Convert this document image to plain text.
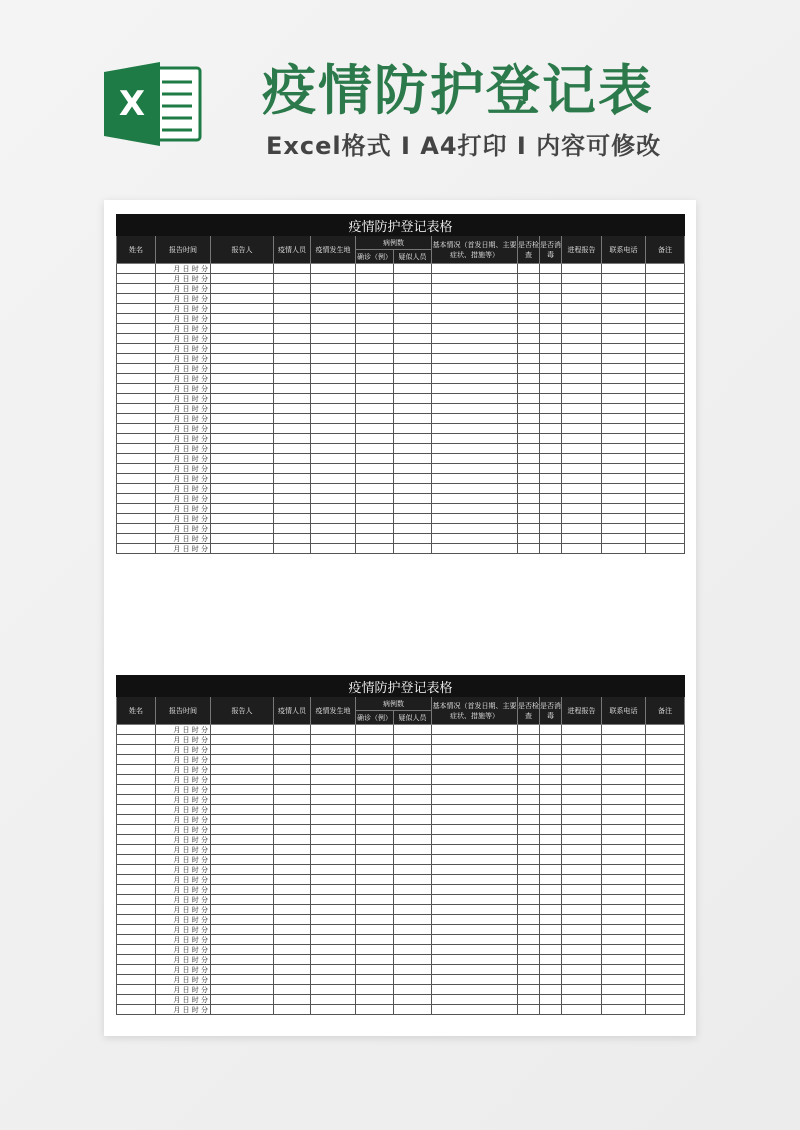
X 疫情防护登记表
Excel格式 I A4打印 I 内容可修改
疫情防护登记表格												
姓名	报告时间	报告人	疫情人员	疫情发生地	病例数		基本情况（首发日期、主要症状、措施等）	是否检查	是否消毒	进程报告	联系电话	备注
					确诊（例）	疑似人员						
	月 日 时 分											
	月 日 时 分											
	月 日 时 分											
	月 日 时 分											
	月 日 时 分											
	月 日 时 分											
	月 日 时 分											
	月 日 时 分											
	月 日 时 分											
	月 日 时 分											
	月 日 时 分											
	月 日 时 分											
	月 日 时 分											
	月 日 时 分											
	月 日 时 分											
	月 日 时 分											
	月 日 时 分											
	月 日 时 分											
	月 日 时 分											
	月 日 时 分											
	月 日 时 分											
	月 日 时 分											
	月 日 时 分											
	月 日 时 分											
	月 日 时 分											
	月 日 时 分											
	月 日 时 分											
	月 日 时 分											
	月 日 时 分											
疫情防护登记表格												
姓名	报告时间	报告人	疫情人员	疫情发生地	病例数		基本情况（首发日期、主要症状、措施等）	是否检查	是否消毒	进程报告	联系电话	备注
					确诊（例）	疑似人员						
	月 日 时 分											
	月 日 时 分											
	月 日 时 分											
	月 日 时 分											
	月 日 时 分											
	月 日 时 分											
	月 日 时 分											
	月 日 时 分											
	月 日 时 分											
	月 日 时 分											
	月 日 时 分											
	月 日 时 分											
	月 日 时 分											
	月 日 时 分											
	月 日 时 分											
	月 日 时 分											
	月 日 时 分											
	月 日 时 分											
	月 日 时 分											
	月 日 时 分											
	月 日 时 分											
	月 日 时 分											
	月 日 时 分											
	月 日 时 分											
	月 日 时 分											
	月 日 时 分											
	月 日 时 分											
	月 日 时 分											
	月 日 时 分											
